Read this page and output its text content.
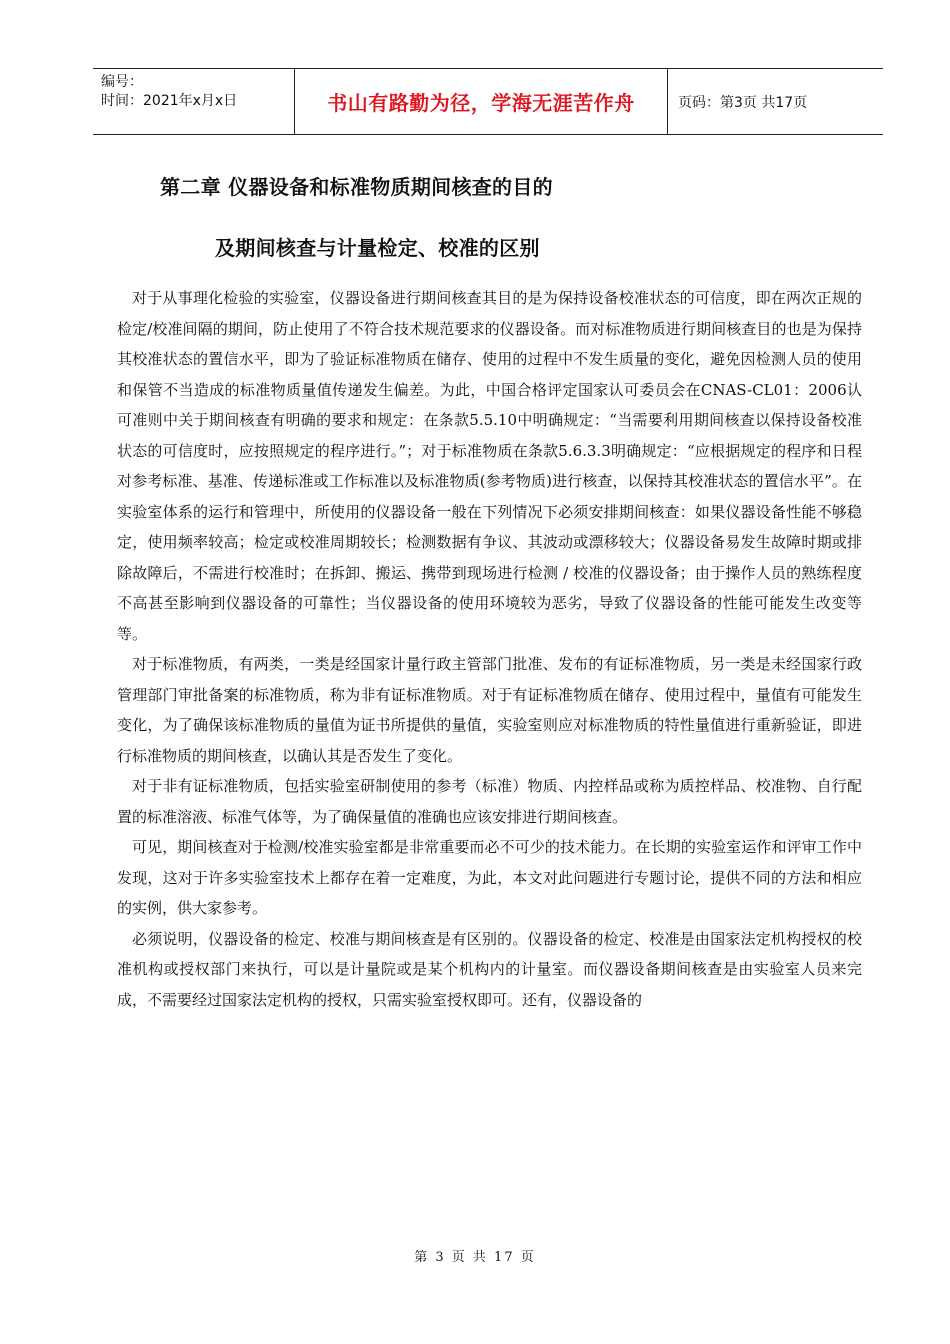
编号：
时间：2021年x月x日	书山有路勤为径，学海无涯苦作舟	页码：第3页 共17页
第二章 仪器设备和标准物质期间核查的目的
及期间核查与计量检定、校准的区别

对于从事理化检验的实验室，仪器设备进行期间核查其目的是为保持设备校准状态的可信度，即在两次正规的检定/校准间隔的期间，防止使用了不符合技术规范要求的仪器设备。而对标准物质进行期间核查目的也是为保持其校准状态的置信水平，即为了验证标准物质在储存、使用的过程中不发生质量的变化，避免因检测人员的使用和保管不当造成的标准物质量值传递发生偏差。为此，中国合格评定国家认可委员会在CNAS-CL01：2006认可准则中关于期间核查有明确的要求和规定：在条款5.5.10中明确规定：“当需要利用期间核查以保持设备校准状态的可信度时，应按照规定的程序进行。”；对于标准物质在条款5.6.3.3明确规定：“应根据规定的程序和日程对参考标准、基准、传递标准或工作标准以及标准物质(参考物质)进行核查，以保持其校准状态的置信水平”。在实验室体系的运行和管理中，所使用的仪器设备一般在下列情况下必须安排期间核查：如果仪器设备性能不够稳定，使用频率较高；检定或校准周期较长；检测数据有争议、其波动或漂移较大；仪器设备易发生故障时期或排除故障后，不需进行校准时；在拆卸、搬运、携带到现场进行检测 / 校准的仪器设备；由于操作人员的熟练程度不高甚至影响到仪器设备的可靠性；当仪器设备的使用环境较为恶劣，导致了仪器设备的性能可能发生改变等等。

对于标准物质，有两类，一类是经国家计量行政主管部门批准、发布的有证标准物质，另一类是未经国家行政管理部门审批备案的标准物质，称为非有证标准物质。对于有证标准物质在储存、使用过程中，量值有可能发生变化，为了确保该标准物质的量值为证书所提供的量值，实验室则应对标准物质的特性量值进行重新验证，即进行标准物质的期间核查，以确认其是否发生了变化。

对于非有证标准物质，包括实验室研制使用的参考（标准）物质、内控样品或称为质控样品、校准物、自行配置的标准溶液、标准气体等，为了确保量值的准确也应该安排进行期间核查。

可见，期间核查对于检测/校准实验室都是非常重要而必不可少的技术能力。在长期的实验室运作和评审工作中发现，这对于许多实验室技术上都存在着一定难度，为此，本文对此问题进行专题讨论，提供不同的方法和相应的实例，供大家参考。

必须说明，仪器设备的检定、校准与期间核查是有区别的。仪器设备的检定、校准是由国家法定机构授权的校准机构或授权部门来执行，可以是计量院或是某个机构内的计量室。而仪器设备期间核查是由实验室人员来完成，不需要经过国家法定机构的授权，只需实验室授权即可。还有，仪器设备的

第 3 页 共 17 页
